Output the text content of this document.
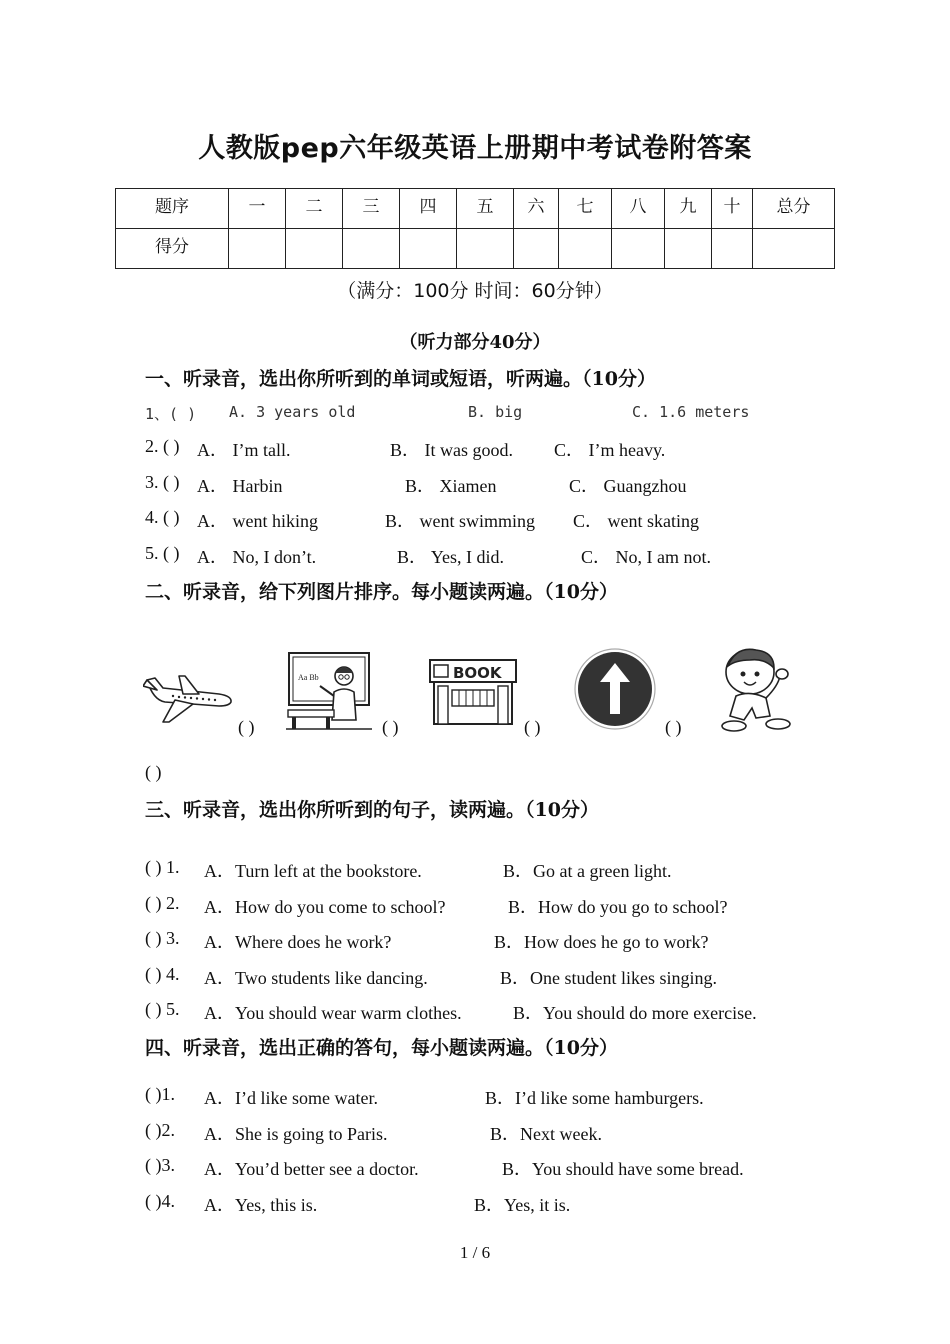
人教版pep六年级英语上册期中考试卷附答案
题序	一	二	三	四	五	六	七	八	九	十	总分
得分											
（满分：100分 时间：60分钟）
（听力部分40分）
一、听录音，选出你所听到的单词或短语，听两遍。（10分）
1、( ) A. 3 years old	B. big	C. 1.6 meters
2. ( ) A． I’m tall.	B． It was good. C． I’m heavy.
3. ( ) A． Harbin	B． Xiamen	C． Guangzhou
4. ( ) A． went hiking	B． went swimming C． went skating
5. ( ) A． No, I don’t.	B． Yes, I did.	C． No, I am not.
二、听录音，给下列图片排序。每小题读两遍。（10分）
( )
Aa Bb
( )
BOOK
( )	( )
( )
三、听录音，选出你所听到的句子，读两遍。（10分）
( ) 1. A．Turn left at the bookstore.	B．Go at a green light.
( ) 2. A．How do you come to school?	B．How do you go to school?
( ) 3. A．Where does he work?	B．How does he go to work?
( ) 4. A．Two students like dancing.	B．One student likes singing.
( ) 5. A．You should wear warm clothes.	B．You should do more exercise.
四、听录音，选出正确的答句，每小题读两遍。（10分）
( )1. A．I’d like some water.	B．I’d like some hamburgers.
( )2. A．She is going to Paris.	B．Next week.
( )3. A．You’d better see a doctor.	B．You should have some bread.
( )4. A．Yes, this is.	B．Yes, it is.
1 / 6
